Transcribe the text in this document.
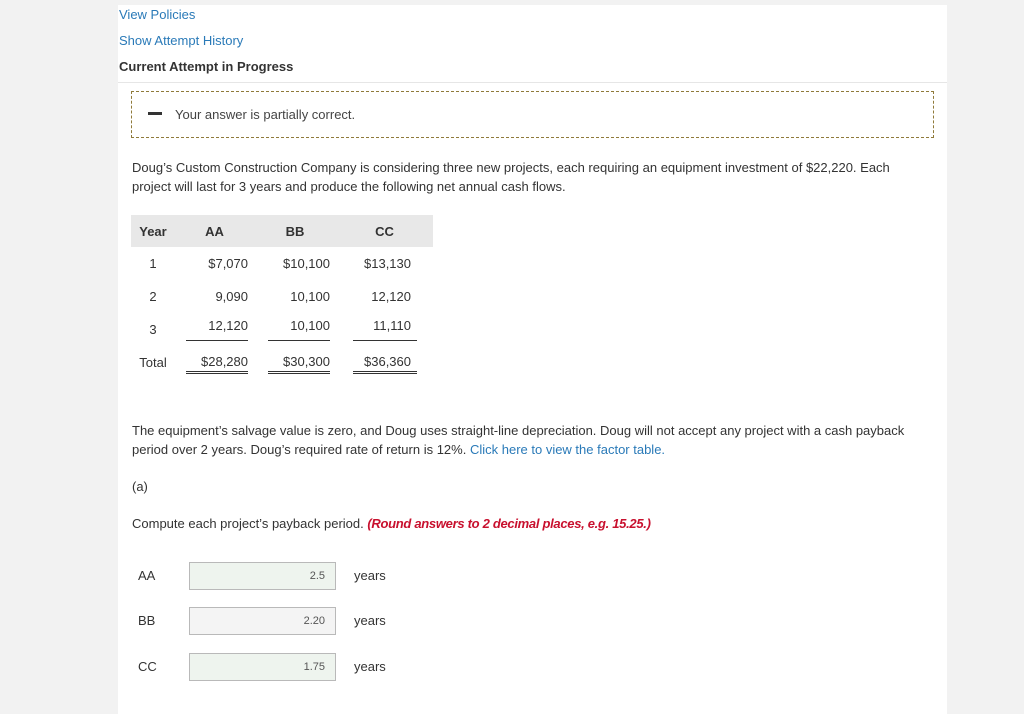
View Policies
Show Attempt History
Current Attempt in Progress
Your answer is partially correct.
Doug’s Custom Construction Company is considering three new projects, each requiring an equipment investment of $22,220. Each project will last for 3 years and produce the following net annual cash flows.
Year	AA	BB	CC
1	$7,070	$10,100	$13,130
2	9,090	10,100	12,120
3	12,120	10,100	11,110
Total	$28,280	$30,300	$36,360
The equipment’s salvage value is zero, and Doug uses straight-line depreciation. Doug will not accept any project with a cash payback period over 2 years. Doug’s required rate of return is 12%. Click here to view the factor table.
(a)
Compute each project’s payback period. (Round answers to 2 decimal places, e.g. 15.25.)
AA
2.5	years
BB
2.20	years
CC
1.75	years
